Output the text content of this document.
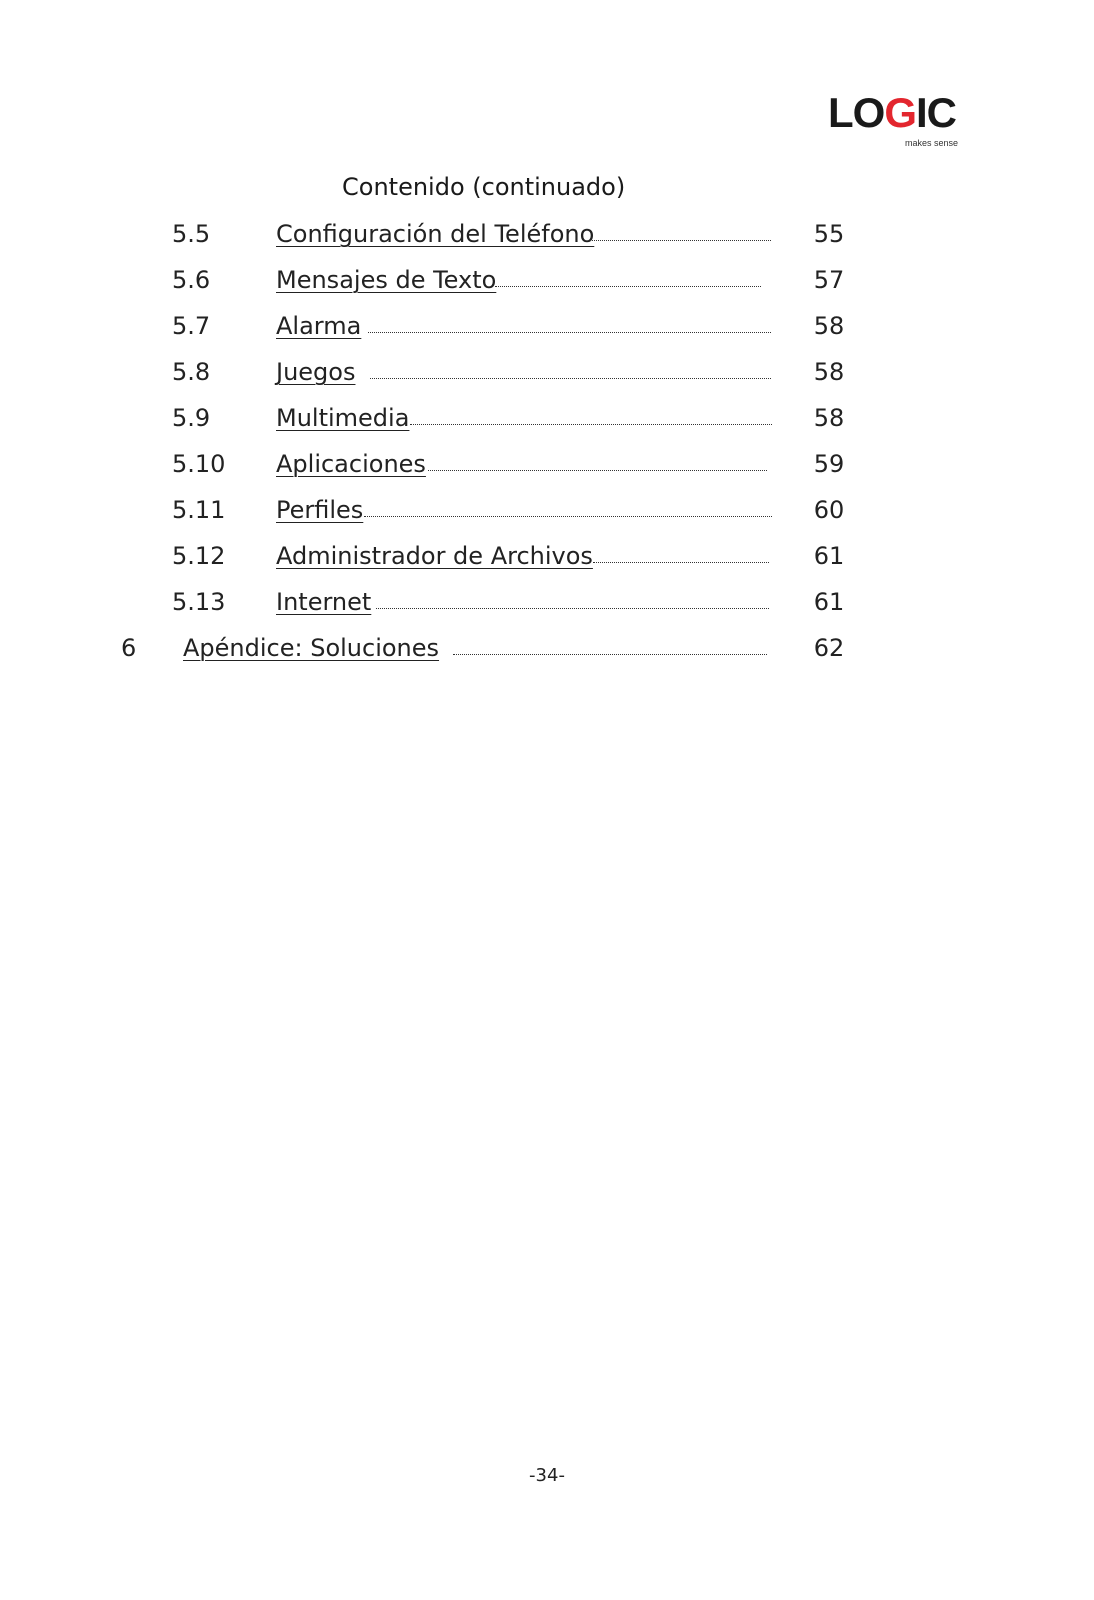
LOGIC
makes sense
Contenido (continuado)
5.5	Configuración del Teléfono	55
5.6	Mensajes de Texto	57
5.7	Alarma	58
5.8	Juegos	58
5.9	Multimedia	58
5.10 Aplicaciones	59
5.11 Perfiles	60
5.12 Administrador de Archivos	61
5.13 Internet	61
6 Apéndice: Soluciones	62
-34-
